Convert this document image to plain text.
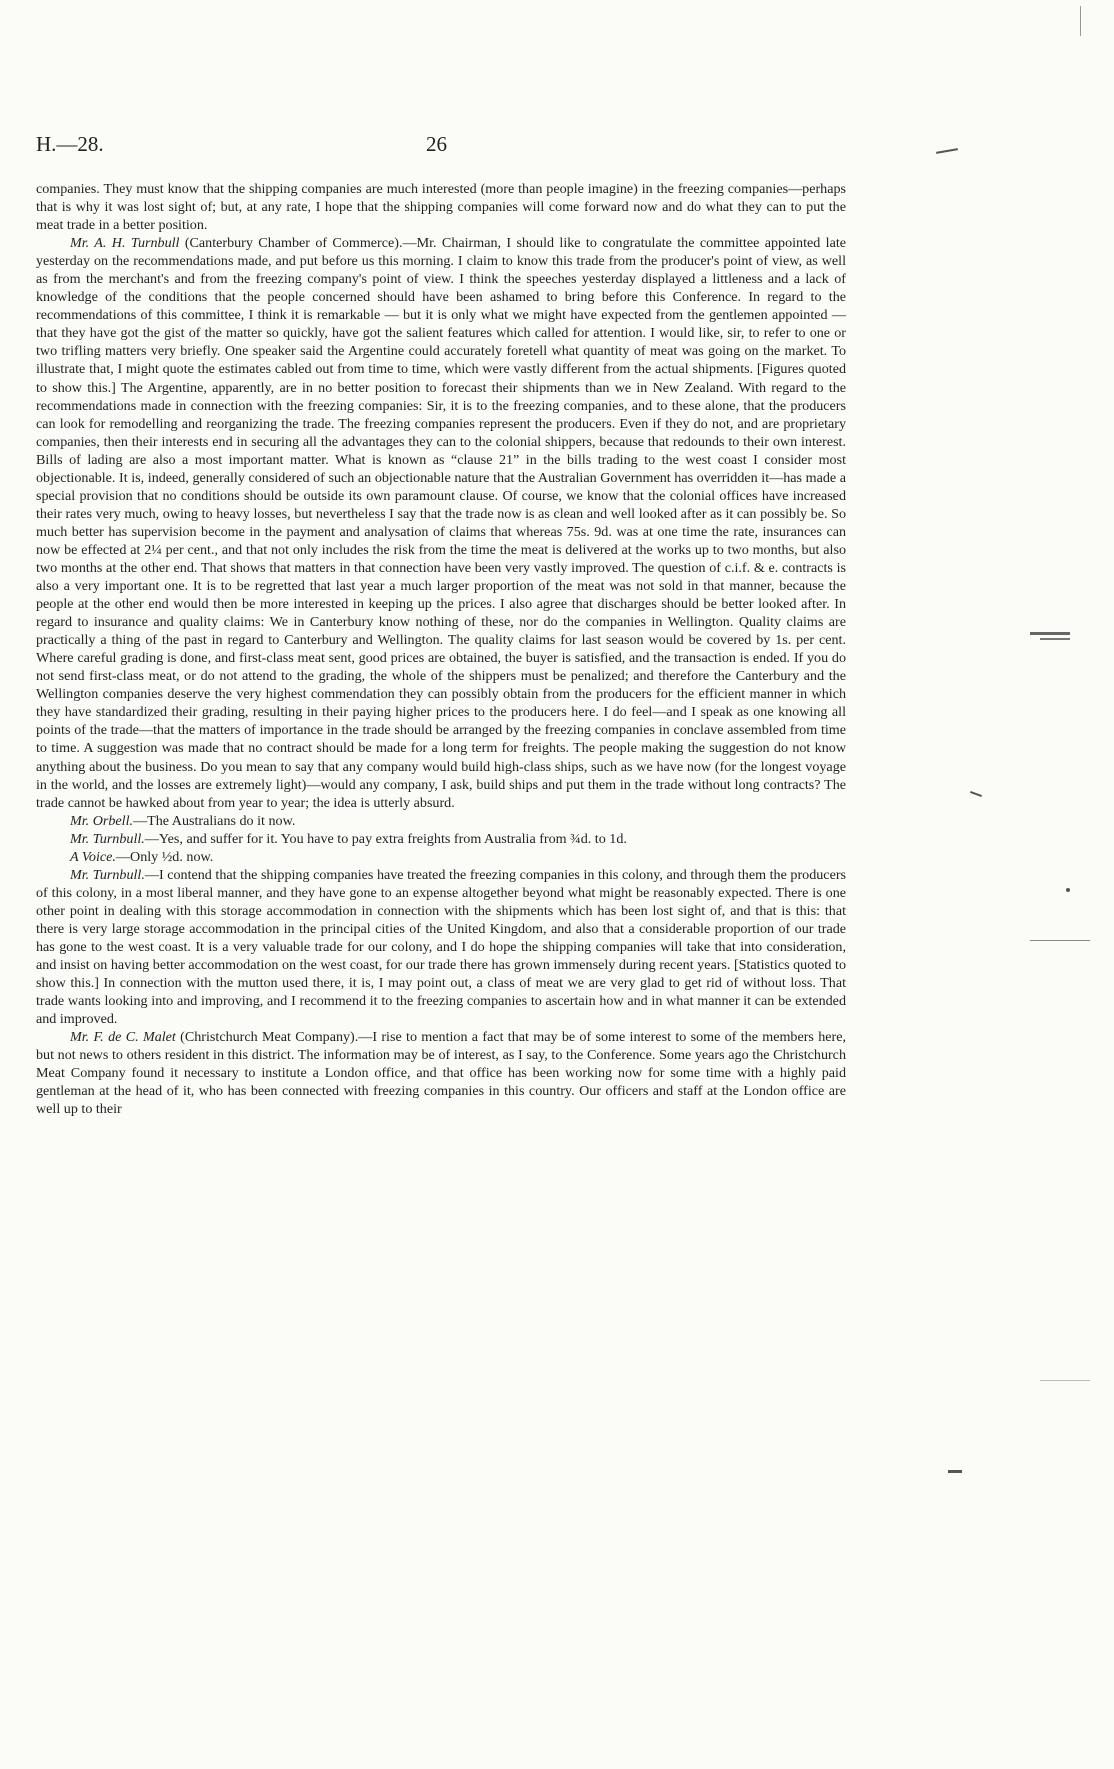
H.—28.	26

companies. They must know that the shipping companies are much interested (more than people imagine) in the freezing companies—perhaps that is why it was lost sight of; but, at any rate, I hope that the shipping companies will come forward now and do what they can to put the meat trade in a better position.

Mr. A. H. Turnbull (Canterbury Chamber of Commerce).—Mr. Chairman, I should like to congratulate the committee appointed late yesterday on the recommendations made, and put before us this morning. I claim to know this trade from the producer's point of view, as well as from the merchant's and from the freezing company's point of view. I think the speeches yesterday displayed a littleness and a lack of knowledge of the conditions that the people concerned should have been ashamed to bring before this Conference. In regard to the recommendations of this committee, I think it is remarkable — but it is only what we might have expected from the gentlemen appointed — that they have got the gist of the matter so quickly, have got the salient features which called for attention. I would like, sir, to refer to one or two trifling matters very briefly. One speaker said the Argentine could accurately foretell what quantity of meat was going on the market. To illustrate that, I might quote the estimates cabled out from time to time, which were vastly different from the actual shipments. [Figures quoted to show this.] The Argentine, apparently, are in no better position to forecast their shipments than we in New Zealand. With regard to the recommendations made in connection with the freezing companies: Sir, it is to the freezing companies, and to these alone, that the producers can look for remodelling and reorganizing the trade. The freezing companies represent the producers. Even if they do not, and are proprietary companies, then their interests end in securing all the advantages they can to the colonial shippers, because that redounds to their own interest. Bills of lading are also a most important matter. What is known as “clause 21” in the bills trading to the west coast I consider most objectionable. It is, indeed, generally considered of such an objectionable nature that the Australian Government has overridden it—has made a special provision that no conditions should be outside its own paramount clause. Of course, we know that the colonial offices have increased their rates very much, owing to heavy losses, but nevertheless I say that the trade now is as clean and well looked after as it can possibly be. So much better has supervision become in the payment and analysation of claims that whereas 75s. 9d. was at one time the rate, insurances can now be effected at 2¼ per cent., and that not only includes the risk from the time the meat is delivered at the works up to two months, but also two months at the other end. That shows that matters in that connection have been very vastly improved. The question of c.i.f. & e. contracts is also a very important one. It is to be regretted that last year a much larger proportion of the meat was not sold in that manner, because the people at the other end would then be more interested in keeping up the prices. I also agree that discharges should be better looked after. In regard to insurance and quality claims: We in Canterbury know nothing of these, nor do the companies in Wellington. Quality claims are practically a thing of the past in regard to Canterbury and Wellington. The quality claims for last season would be covered by 1s. per cent. Where careful grading is done, and first-class meat sent, good prices are obtained, the buyer is satisfied, and the transaction is ended. If you do not send first-class meat, or do not attend to the grading, the whole of the shippers must be penalized; and therefore the Canterbury and the Wellington companies deserve the very highest commendation they can possibly obtain from the producers for the efficient manner in which they have standardized their grading, resulting in their paying higher prices to the producers here. I do feel—and I speak as one knowing all points of the trade—that the matters of importance in the trade should be arranged by the freezing companies in conclave assembled from time to time. A suggestion was made that no contract should be made for a long term for freights. The people making the suggestion do not know anything about the business. Do you mean to say that any company would build high-class ships, such as we have now (for the longest voyage in the world, and the losses are extremely light)—would any company, I ask, build ships and put them in the trade without long contracts? The trade cannot be hawked about from year to year; the idea is utterly absurd.

Mr. Orbell.—The Australians do it now.

Mr. Turnbull.—Yes, and suffer for it. You have to pay extra freights from Australia from ¾d. to 1d.

A Voice.—Only ½d. now.

Mr. Turnbull.—I contend that the shipping companies have treated the freezing companies in this colony, and through them the producers of this colony, in a most liberal manner, and they have gone to an expense altogether beyond what might be reasonably expected. There is one other point in dealing with this storage accommodation in connection with the shipments which has been lost sight of, and that is this: that there is very large storage accommodation in the principal cities of the United Kingdom, and also that a considerable proportion of our trade has gone to the west coast. It is a very valuable trade for our colony, and I do hope the shipping companies will take that into consideration, and insist on having better accommodation on the west coast, for our trade there has grown immensely during recent years. [Statistics quoted to show this.] In connection with the mutton used there, it is, I may point out, a class of meat we are very glad to get rid of without loss. That trade wants looking into and improving, and I recommend it to the freezing companies to ascertain how and in what manner it can be extended and improved.

Mr. F. de C. Malet (Christchurch Meat Company).—I rise to mention a fact that may be of some interest to some of the members here, but not news to others resident in this district. The information may be of interest, as I say, to the Conference. Some years ago the Christchurch Meat Company found it necessary to institute a London office, and that office has been working now for some time with a highly paid gentleman at the head of it, who has been connected with freezing companies in this country. Our officers and staff at the London office are well up to their
